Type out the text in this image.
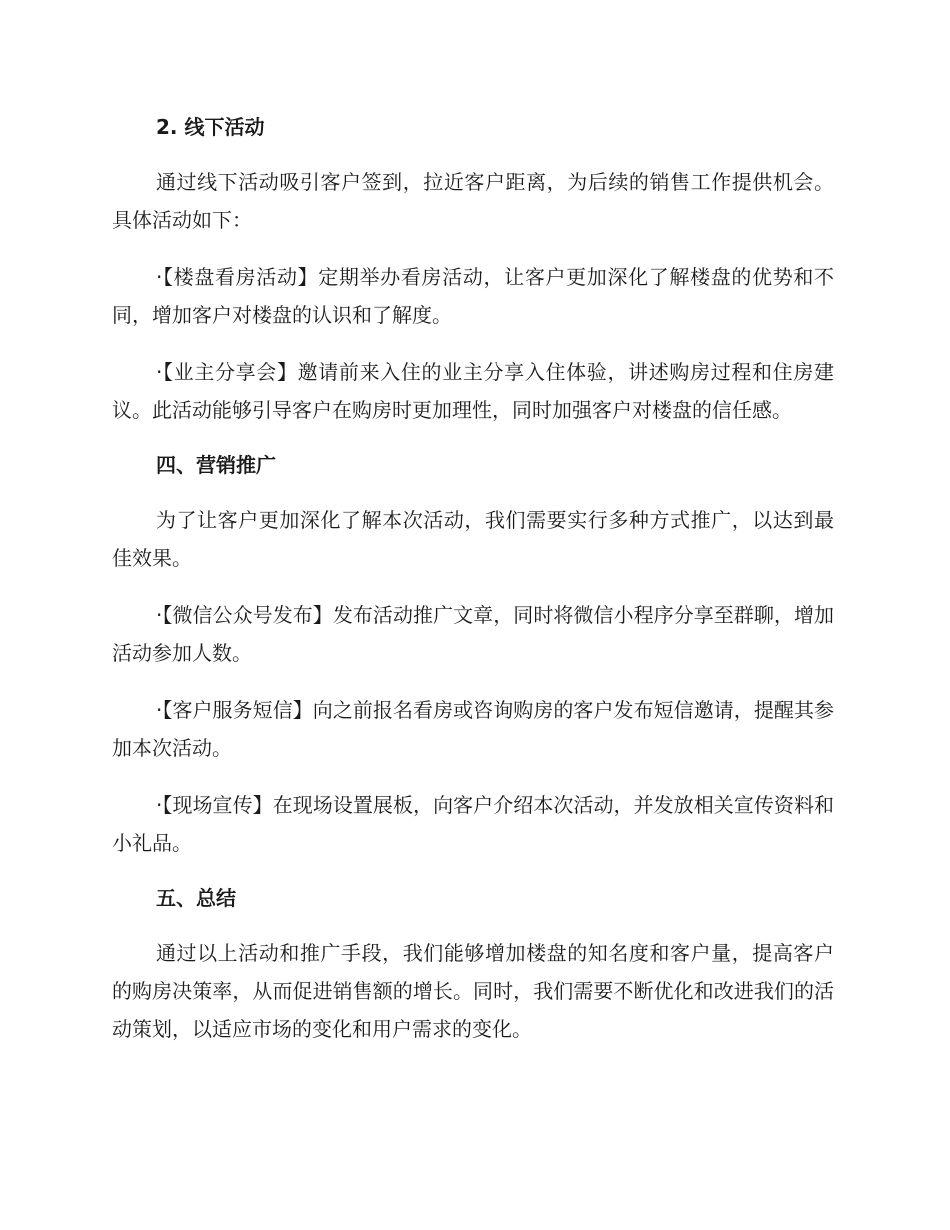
2. 线下活动

通过线下活动吸引客户签到，拉近客户距离，为后续的销售工作提供机会。具体活动如下：

·【楼盘看房活动】定期举办看房活动，让客户更加深化了解楼盘的优势和不同，增加客户对楼盘的认识和了解度。

·【业主分享会】邀请前来入住的业主分享入住体验，讲述购房过程和住房建议。此活动能够引导客户在购房时更加理性，同时加强客户对楼盘的信任感。

四、营销推广

为了让客户更加深化了解本次活动，我们需要实行多种方式推广，以达到最佳效果。

·【微信公众号发布】发布活动推广文章，同时将微信小程序分享至群聊，增加活动参加人数。

·【客户服务短信】向之前报名看房或咨询购房的客户发布短信邀请，提醒其参加本次活动。

·【现场宣传】在现场设置展板，向客户介绍本次活动，并发放相关宣传资料和小礼品。

五、总结

通过以上活动和推广手段，我们能够增加楼盘的知名度和客户量，提高客户的购房决策率，从而促进销售额的增长。同时，我们需要不断优化和改进我们的活动策划，以适应市场的变化和用户需求的变化。
